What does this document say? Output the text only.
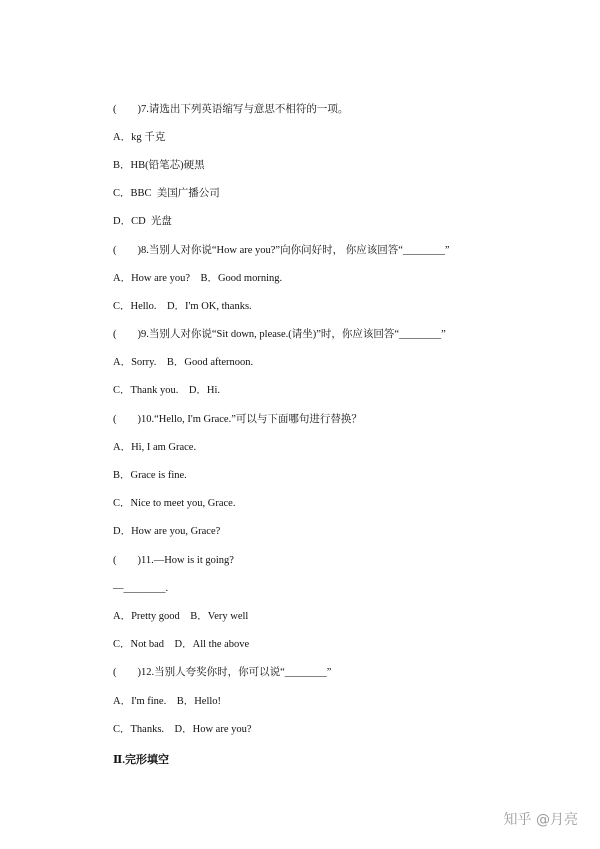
(　　)7.请选出下列英语缩写与意思不相符的一项。
A．kg 千克
B．HB(铅笔芯)硬黑
C．BBC  美国广播公司
D．CD  光盘
(　　)8.当别人对你说“How are you?”向你问好时， 你应该回答“________”
A．How are you?    B．Good morning.
C．Hello.    D．I'm OK, thanks.
(　　)9.当别人对你说“Sit down, please.(请坐)”时，你应该回答“________”
A．Sorry.    B．Good afternoon.
C．Thank you.    D．Hi.
(　　)10.“Hello, I'm Grace.”可以与下面哪句进行替换？
A．Hi, I am Grace.
B．Grace is fine.
C．Nice to meet you, Grace.
D．How are you, Grace?
(　　)11.—How is it going?
—________.
A．Pretty good    B．Very well
C．Not bad    D．All the above
(　　)12.当别人夸奖你时，你可以说“________”
A．I'm fine.    B．Hello!
C．Thanks.    D．How are you?
Ⅱ.完形填空
知乎 @月亮
